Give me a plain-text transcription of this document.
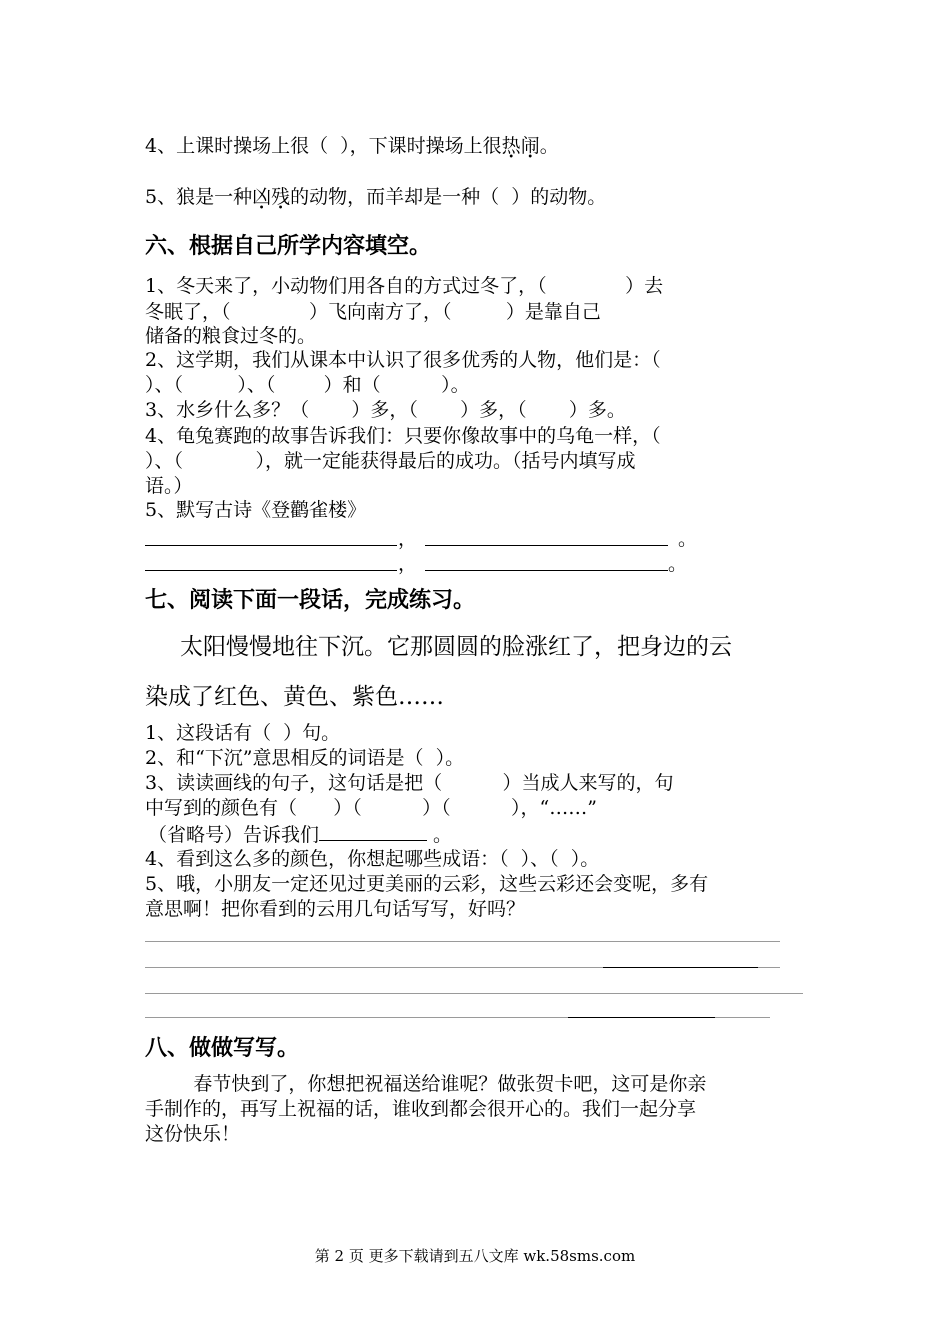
4、上课时操场上很（  ），下课时操场上很热闹。
5、狼是一种凶残的动物，而羊却是一种（  ）的动物。
六、根据自己所学内容填空。
1、冬天来了，小动物们用各自的方式过冬了，（             ）去
冬眠了，（             ）飞向南方了，（         ）是靠自己
储备的粮食过冬的。
2、这学期，我们从课本中认识了很多优秀的人物，他们是：（
）、（         ）、（        ）和（          ）。
3、水乡什么多？（       ）多，（       ）多，（       ）多。
4、龟兔赛跑的故事告诉我们：只要你像故事中的乌龟一样，（
）、（            ），就一定能获得最后的成功。（括号内填写成
语。）
5、默写古诗《登鹳雀楼》
，	。
，	。
七、阅读下面一段话，完成练习。
太阳慢慢地往下沉。它那圆圆的脸涨红了，把身边的云
染成了红色、黄色、紫色……
1、这段话有（  ）句。
2、和“下沉”意思相反的词语是（  ）。
3、读读画线的句子，这句话是把（          ）当成人来写的，句
中写到的颜色有（      ）（          ）（          ），“……”
（省略号）告诉我们	。
4、看到这么多的颜色，你想起哪些成语：（  ）、（  ）。
5、哦，小朋友一定还见过更美丽的云彩，这些云彩还会变呢，多有
意思啊！把你看到的云用几句话写写，好吗？
八、做做写写。
春节快到了，你想把祝福送给谁呢？做张贺卡吧，这可是你亲
手制作的，再写上祝福的话，谁收到都会很开心的。我们一起分享
这份快乐！
第 2 页 更多下载请到五八文库 wk.58sms.com
